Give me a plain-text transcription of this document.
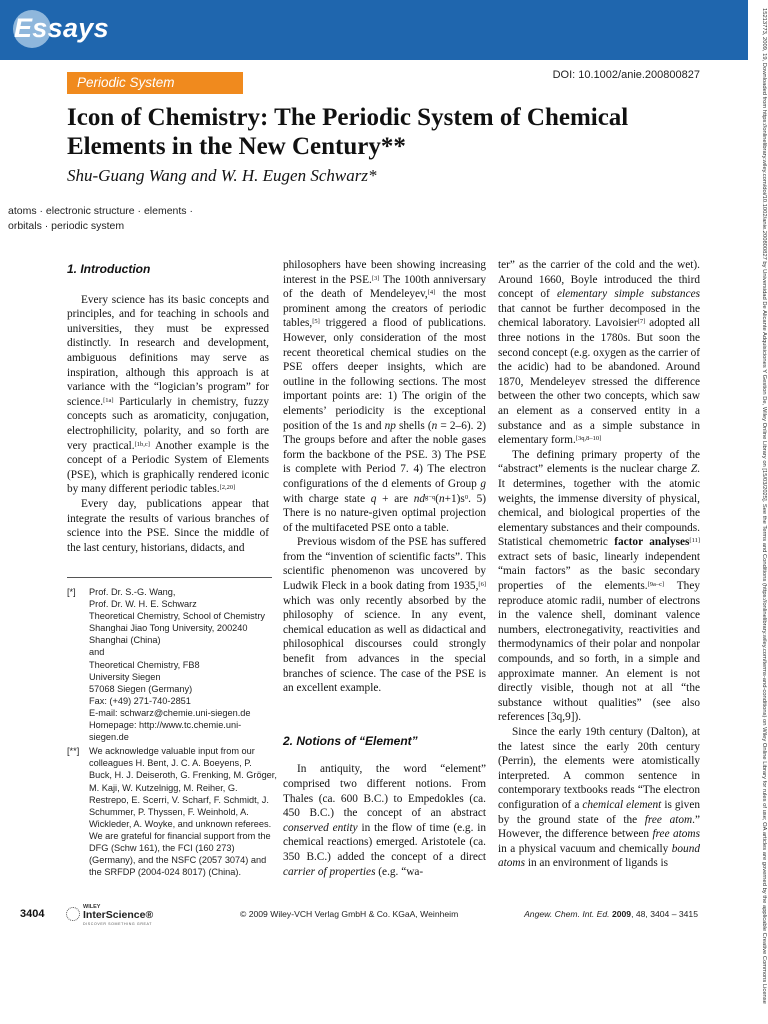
Essays	15213773, 2009, 19, Downloaded from https://onlinelibrary.wiley.com/doi/10.1002/anie.200800827 by Universidad De Alicante Adquisiciones Y Gestion De, Wiley Online Library on [15/03/2025]. See the Terms and Conditions (https://onlinelibrary.wiley.com/terms-and-conditions) on Wiley Online Library for rules of use; OA articles are governed by the applicable Creative Commons License
Periodic System	DOI: 10.1002/anie.200800827
Icon of Chemistry: The Periodic System of Chemical Elements in the New Century**

Shu-Guang Wang and W. H. Eugen Schwarz*

atoms · electronic structure · elements ·
orbitals · periodic system
1. Introduction

Every science has its basic concepts and principles, and for teaching in schools and universities, they must be expressed distinctly. In research and development, ambiguous definitions may serve as inspiration, although this approach is at variance with the “logician’s program” for science.[1a] Particularly in chemistry, fuzzy concepts such as aromaticity, conjugation, electrophilicity, polarity, and so forth are very practical.[1b,c] Another example is the concept of a Periodic System of Elements (PSE), which is graphically rendered iconic by many different periodic tables.[2,20]

Every day, publications appear that integrate the results of various branches of science into the PSE. Since the middle of the last century, historians, didacts, and

philosophers have been showing increasing interest in the PSE.[3] The 100th anniversary of the death of Mendeleyev,[4] the most prominent among the creators of periodic tables,[5] triggered a flood of publications. However, only consideration of the most recent theoretical chemical studies on the PSE offers deeper insights, which are outline in the following sections. The most important points are: 1) The origin of the elements’ periodicity is the exceptional position of the 1s and np shells (n = 2–6). 2) The groups before and after the noble gases form the backbone of the PSE. 3) The PSE is complete with Period 7. 4) The electron configurations of the d elements of Group g with charge state q + are $nd^{g-q}(n+1)s^0$. 5) There is no nature-given optimal projection of the multifaceted PSE onto a table.

Previous wisdom of the PSE has suffered from the “invention of scientific facts”. This scientific phenomenon was uncovered by Ludwik Fleck in a book dating from 1935,[6] which was only recently absorbed by the philosophy of science. In any event, chemical education as well as didactical and philosophical discourses could strongly benefit from advances in the special branches of science. The case of the PSE is an excellent example.

2. Notions of “Element”

In antiquity, the word “element” comprised two different notions. From Thales (ca. 600 B.C.) to Empedokles (ca. 450 B.C.) the concept of an abstract conserved entity in the flow of time (e.g. in chemical reactions) emerged. Aristotele (ca. 350 B.C.) added the concept of a direct carrier of properties (e.g. “wa-

ter” as the carrier of the cold and the wet). Around 1660, Boyle introduced the third concept of elementary simple substances that cannot be further decomposed in the chemical laboratory. Lavoisier[7] adopted all three notions in the 1780s. But soon the second concept (e.g. oxygen as the carrier of the acidic) had to be abandoned. Around 1870, Mendeleyev stressed the difference between the other two concepts, which saw an element as a conserved entity in a substance and as a simple substance in elementary form.[3q,8–10]

The defining primary property of the “abstract” elements is the nuclear charge Z. It determines, together with the atomic weights, the immense diversity of physical, chemical, and biological properties of the elementary substances and their compounds. Statistical chemometric factor analyses[11] extract sets of basic, linearly independent “main factors” as the basic secondary properties of the elements.[9a–c] They reproduce atomic radii, number of electrons in the valence shell, dominant valence numbers, electronegativity, reactivities and thermodynamics of their polar and nonpolar compounds, and so forth, in a simple and approximate manner. An element is not directly visible, though not at all “the substance without qualities” (see also references [3q,9]).

Since the early 19th century (Dalton), at the latest since the early 20th century (Perrin), the elements were atomistically interpreted. A common sentence in contemporary textbooks reads “The electron configuration of a chemical element is given by the ground state of the free atom.” However, the difference between free atoms in a physical vacuum and chemically bound atoms in an environment of ligands is

[*]	Prof. Dr. S.-G. Wang,
Prof. Dr. W. H. E. Schwarz
Theoretical Chemistry, School of Chemistry
Shanghai Jiao Tong University, 200240
Shanghai (China)
and
Theoretical Chemistry, FB8
University Siegen
57068 Siegen (Germany)
Fax: (+49) 271-740-2851
E-mail: schwarz@chemie.uni-siegen.de
Homepage: http://www.tc.chemie.uni-
siegen.de
[**]	We acknowledge valuable input from our colleagues H. Bent, J. C. A. Boeyens, P. Buck, H. J. Deiseroth, G. Frenking, M. Gröger, M. Kaji, W. Kutzelnigg, M. Reiher, G. Restrepo, E. Scerri, V. Scharf, F. Schmidt, J. Schummer, P. Thyssen, F. Weinhold, A. Wickleder, A. Woyke, and unknown referees. We are grateful for financial support from the DFG (Schw 161), the FCI (160 273) (Germany), and the NSFC (2057 3074) and the SRFDP (2004-024 8017) (China).
3404
WILEY
InterScience®
DISCOVER SOMETHING GREAT
© 2009 Wiley-VCH Verlag GmbH & Co. KGaA, Weinheim	Angew. Chem. Int. Ed. 2009, 48, 3404 – 3415
